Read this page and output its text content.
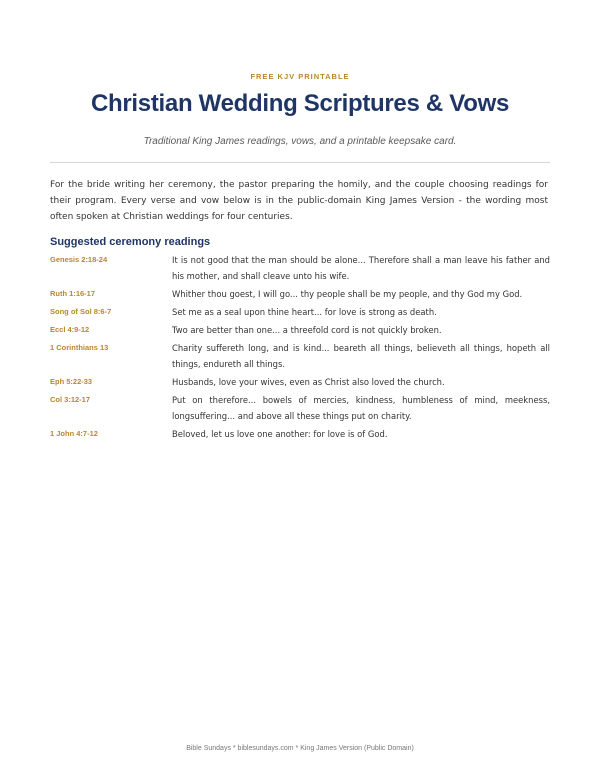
FREE KJV PRINTABLE
Christian Wedding Scriptures & Vows
Traditional King James readings, vows, and a printable keepsake card.
For the bride writing her ceremony, the pastor preparing the homily, and the couple choosing readings for their program. Every verse and vow below is in the public-domain King James Version - the wording most often spoken at Christian weddings for four centuries.
Suggested ceremony readings
Genesis 2:18-24	It is not good that the man should be alone... Therefore shall a man leave his father and his mother, and shall cleave unto his wife.
Ruth 1:16-17	Whither thou goest, I will go... thy people shall be my people, and thy God my God.
Song of Sol 8:6-7	Set me as a seal upon thine heart... for love is strong as death.
Eccl 4:9-12	Two are better than one... a threefold cord is not quickly broken.
1 Corinthians 13	Charity suffereth long, and is kind... beareth all things, believeth all things, hopeth all things, endureth all things.
Eph 5:22-33	Husbands, love your wives, even as Christ also loved the church.
Col 3:12-17	Put on therefore... bowels of mercies, kindness, humbleness of mind, meekness, longsuffering... and above all these things put on charity.
1 John 4:7-12	Beloved, let us love one another: for love is of God.
Bible Sundays * biblesundays.com * King James Version (Public Domain)
